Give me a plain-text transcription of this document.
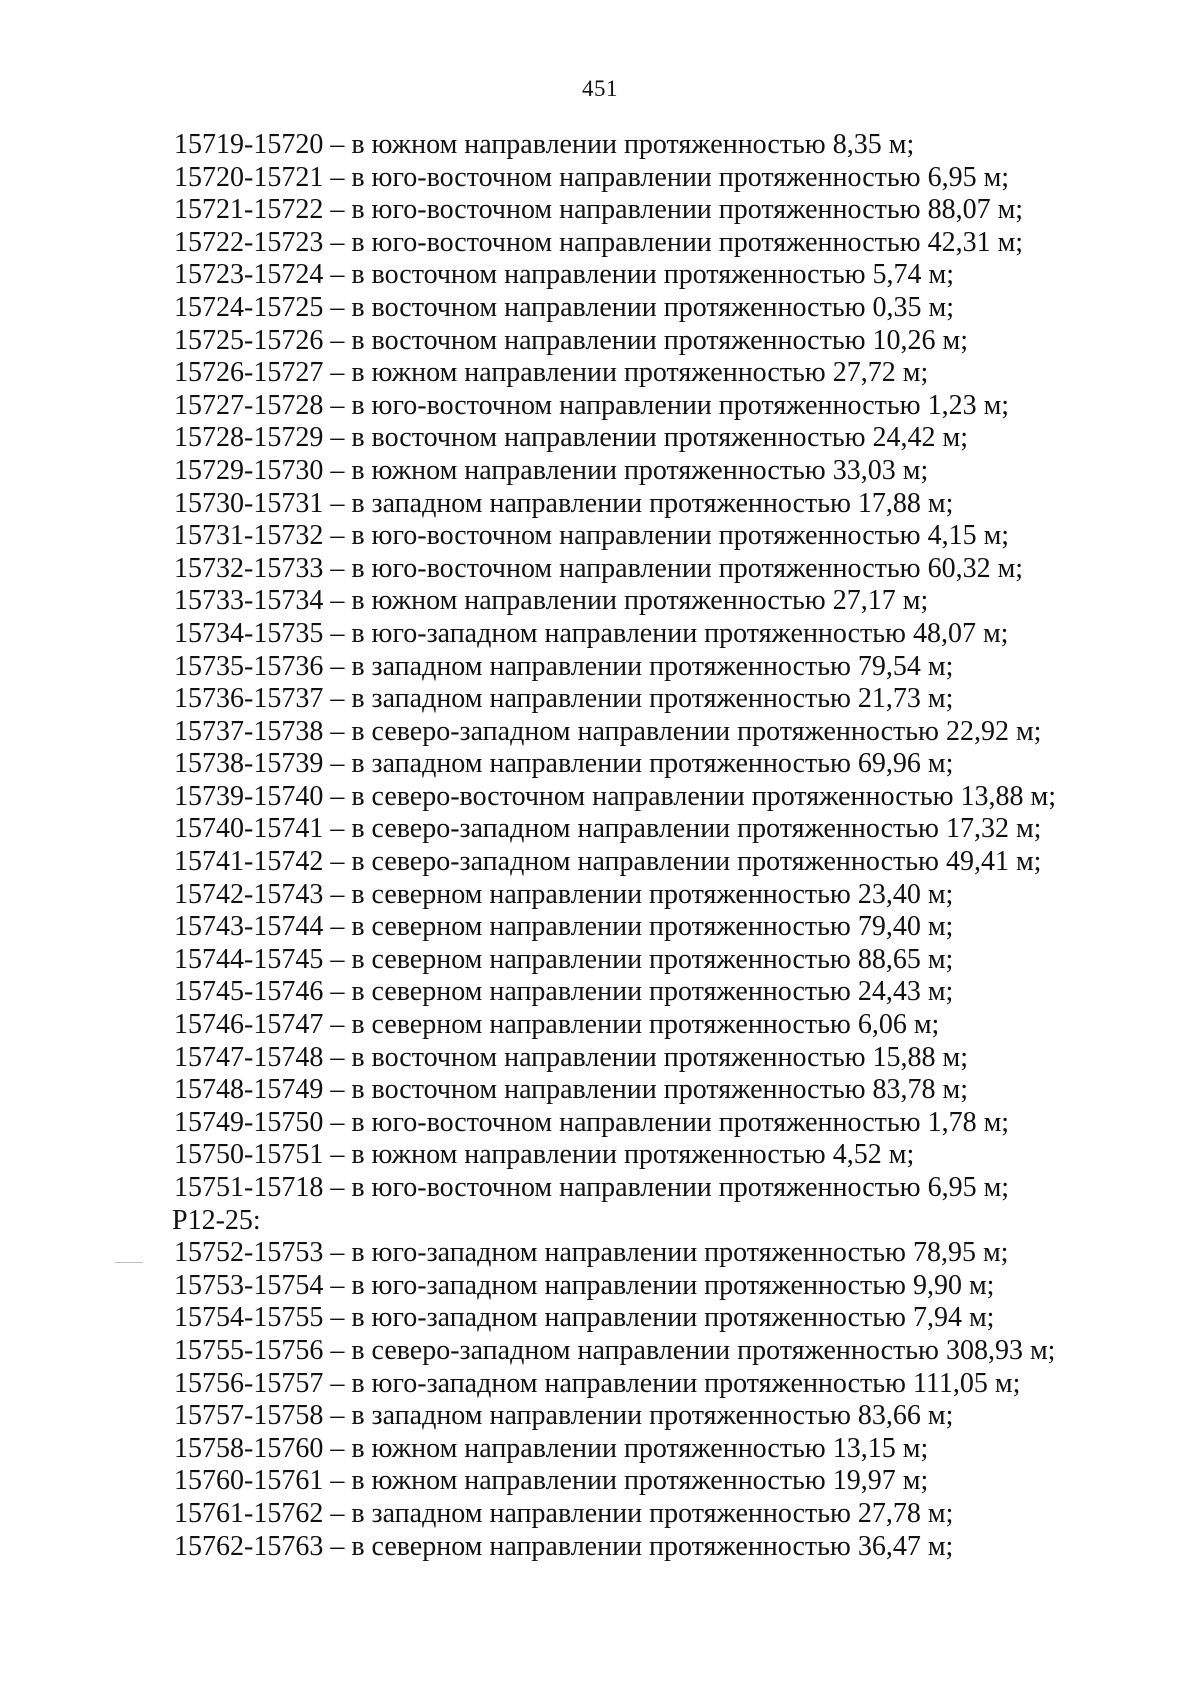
451
15719-15720 – в южном направлении протяженностью 8,35 м;
15720-15721 – в юго-восточном направлении протяженностью 6,95 м;
15721-15722 – в юго-восточном направлении протяженностью 88,07 м;
15722-15723 – в юго-восточном направлении протяженностью 42,31 м;
15723-15724 – в восточном направлении протяженностью 5,74 м;
15724-15725 – в восточном направлении протяженностью 0,35 м;
15725-15726 – в восточном направлении протяженностью 10,26 м;
15726-15727 – в южном направлении протяженностью 27,72 м;
15727-15728 – в юго-восточном направлении протяженностью 1,23 м;
15728-15729 – в восточном направлении протяженностью 24,42 м;
15729-15730 – в южном направлении протяженностью 33,03 м;
15730-15731 – в западном направлении протяженностью 17,88 м;
15731-15732 – в юго-восточном направлении протяженностью 4,15 м;
15732-15733 – в юго-восточном направлении протяженностью 60,32 м;
15733-15734 – в южном направлении протяженностью 27,17 м;
15734-15735 – в юго-западном направлении протяженностью 48,07 м;
15735-15736 – в западном направлении протяженностью 79,54 м;
15736-15737 – в западном направлении протяженностью 21,73 м;
15737-15738 – в северо-западном направлении протяженностью 22,92 м;
15738-15739 – в западном направлении протяженностью 69,96 м;
15739-15740 – в северо-восточном направлении протяженностью 13,88 м;
15740-15741 – в северо-западном направлении протяженностью 17,32 м;
15741-15742 – в северо-западном направлении протяженностью 49,41 м;
15742-15743 – в северном направлении протяженностью 23,40 м;
15743-15744 – в северном направлении протяженностью 79,40 м;
15744-15745 – в северном направлении протяженностью 88,65 м;
15745-15746 – в северном направлении протяженностью 24,43 м;
15746-15747 – в северном направлении протяженностью 6,06 м;
15747-15748 – в восточном направлении протяженностью 15,88 м;
15748-15749 – в восточном направлении протяженностью 83,78 м;
15749-15750 – в юго-восточном направлении протяженностью 1,78 м;
15750-15751 – в южном направлении протяженностью 4,52 м;
15751-15718 – в юго-восточном направлении протяженностью 6,95 м;
Р12-25:
15752-15753 – в юго-западном направлении протяженностью 78,95 м;
15753-15754 – в юго-западном направлении протяженностью 9,90 м;
15754-15755 – в юго-западном направлении протяженностью 7,94 м;
15755-15756 – в северо-западном направлении протяженностью 308,93 м;
15756-15757 – в юго-западном направлении протяженностью 111,05 м;
15757-15758 – в западном направлении протяженностью 83,66 м;
15758-15760 – в южном направлении протяженностью 13,15 м;
15760-15761 – в южном направлении протяженностью 19,97 м;
15761-15762 – в западном направлении протяженностью 27,78 м;
15762-15763 – в северном направлении протяженностью 36,47 м;
